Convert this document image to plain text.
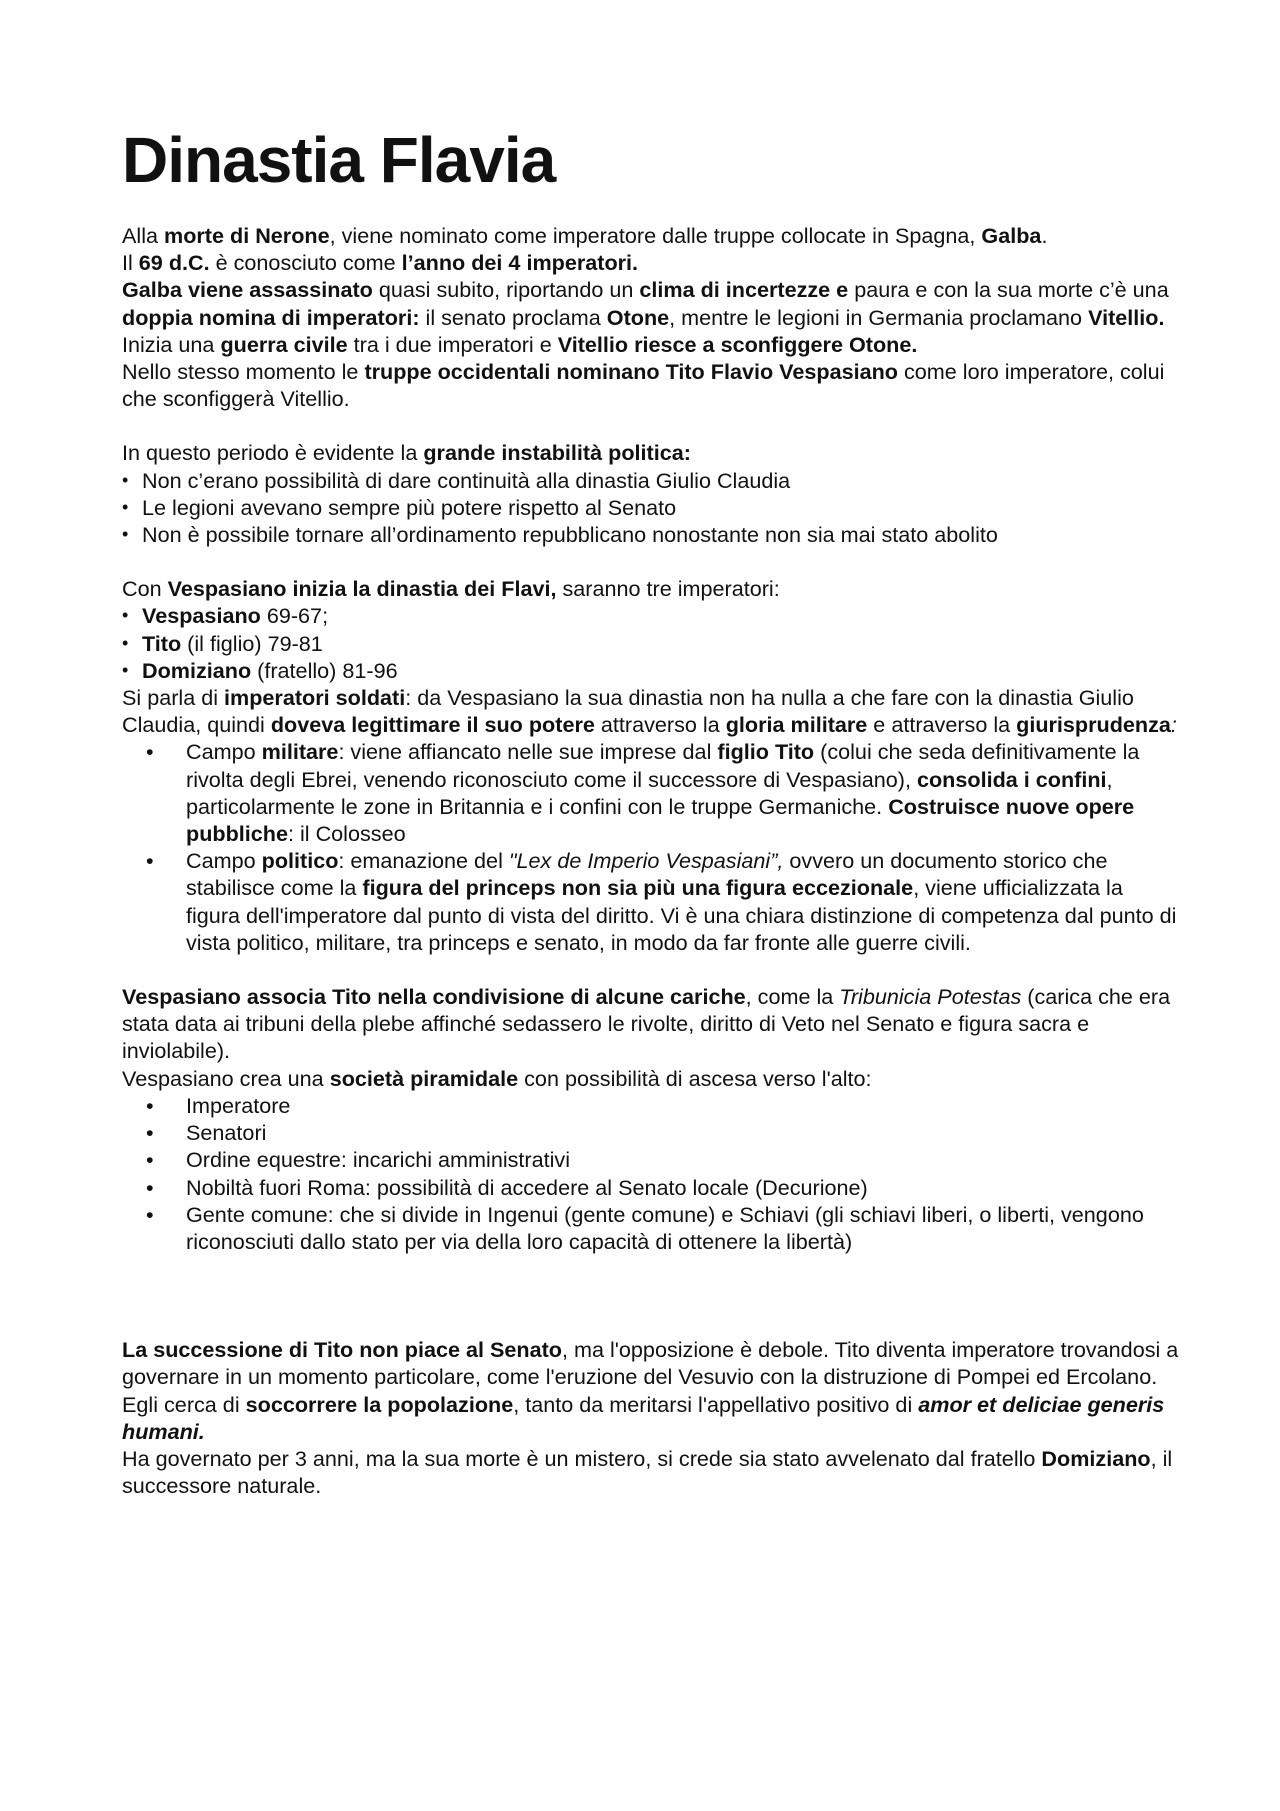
Dinastia Flavia

Alla morte di Nerone, viene nominato come imperatore dalle truppe collocate in Spagna, Galba.

Il 69 d.C. è conosciuto come l’anno dei 4 imperatori.

Galba viene assassinato quasi subito, riportando un clima di incertezze e paura e con la sua morte c’è una doppia nomina di imperatori: il senato proclama Otone, mentre le legioni in Germania proclamano Vitellio.

Inizia una guerra civile tra i due imperatori e Vitellio riesce a sconfiggere Otone.

Nello stesso momento le truppe occidentali nominano Tito Flavio Vespasiano come loro imperatore, colui che sconfiggerà Vitellio.

In questo periodo è evidente la grande instabilità politica:

• Non c’erano possibilità di dare continuità alla dinastia Giulio Claudia
• Le legioni avevano sempre più potere rispetto al Senato
• Non è possibile tornare all’ordinamento repubblicano nonostante non sia mai stato abolito

Con Vespasiano inizia la dinastia dei Flavi, saranno tre imperatori:

• Vespasiano 69-67;
• Tito (il figlio) 79-81
• Domiziano (fratello) 81-96

Si parla di imperatori soldati: da Vespasiano la sua dinastia non ha nulla a che fare con la dinastia Giulio Claudia, quindi doveva legittimare il suo potere attraverso la gloria militare e attraverso la giurisprudenza:

• Campo militare: viene affiancato nelle sue imprese dal figlio Tito (colui che seda definitivamente la rivolta degli Ebrei, venendo riconosciuto come il successore di Vespasiano), consolida i confini, particolarmente le zone in Britannia e i confini con le truppe Germaniche. Costruisce nuove opere pubbliche: il Colosseo
• Campo politico: emanazione del "Lex de Imperio Vespasiani”, ovvero un documento storico che stabilisce come la figura del princeps non sia più una figura eccezionale, viene ufficializzata la figura dell'imperatore dal punto di vista del diritto. Vi è una chiara distinzione di competenza dal punto di vista politico, militare, tra princeps e senato, in modo da far fronte alle guerre civili.

Vespasiano associa Tito nella condivisione di alcune cariche, come la Tribunicia Potestas (carica che era stata data ai tribuni della plebe affinché sedassero le rivolte, diritto di Veto nel Senato e figura sacra e inviolabile).

Vespasiano crea una società piramidale con possibilità di ascesa verso l'alto:

• Imperatore
• Senatori
• Ordine equestre: incarichi amministrativi
• Nobiltà fuori Roma: possibilità di accedere al Senato locale (Decurione)
• Gente comune: che si divide in Ingenui (gente comune) e Schiavi (gli schiavi liberi, o liberti, vengono riconosciuti dallo stato per via della loro capacità di ottenere la libertà)

La successione di Tito non piace al Senato, ma l'opposizione è debole. Tito diventa imperatore trovandosi a governare in un momento particolare, come l'eruzione del Vesuvio con la distruzione di Pompei ed Ercolano.

Egli cerca di soccorrere la popolazione, tanto da meritarsi l'appellativo positivo di amor et deliciae generis humani.

Ha governato per 3 anni, ma la sua morte è un mistero, si crede sia stato avvelenato dal fratello Domiziano, il successore naturale.
